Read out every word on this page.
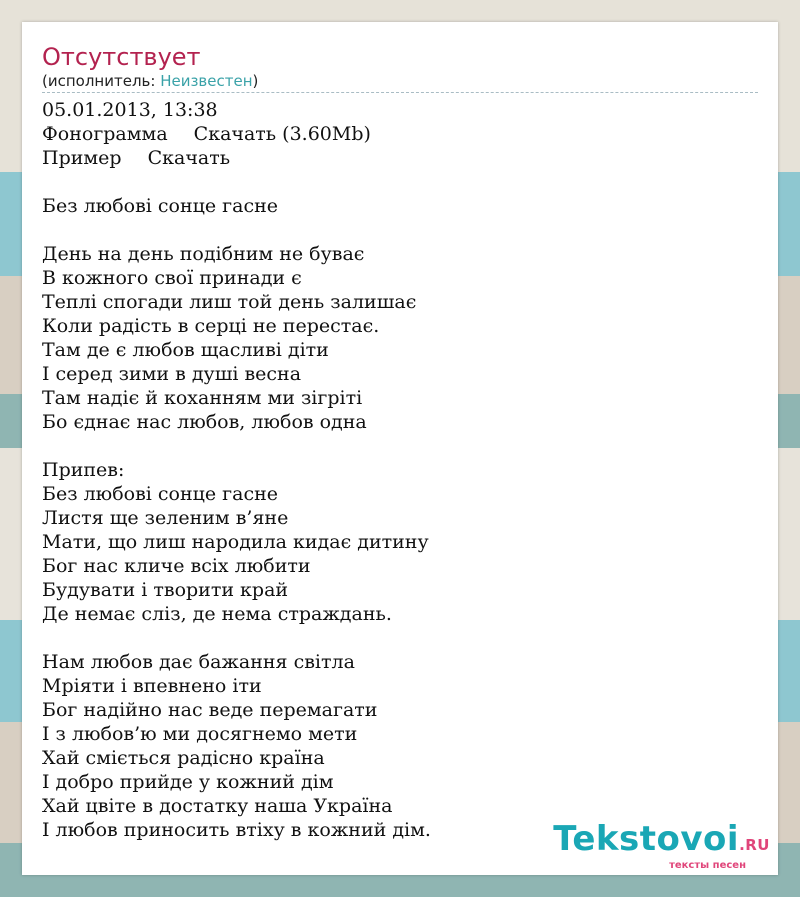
Отсутствует
(исполнитель: Неизвестен)
05.01.2013, 13:38
Фонограмма Скачать (3.60Mb)
Пример Скачать
Без любові сонце гасне
День на день подібним не буває
В кожного свої принади є
Теплі спогади лиш той день залишає
Коли радість в серці не перестає.
Там де є любов щасливі діти
І серед зими в душі весна
Там надіє й коханням ми зігріті
Бо єднає нас любов, любов одна
Припев:
Без любові сонце гасне
Листя ще зеленим в’яне
Мати, що лиш народила кидає дитину
Бог нас кличе всіх любити
Будувати і творити край
Де немає сліз, де нема страждань.
Нам любов дає бажання світла
Мріяти і впевнено іти
Бог надійно нас веде перемагати
І з любов’ю ми досягнемо мети
Хай сміється радісно країна
І добро прийде у кожний дім
Хай цвіте в достатку наша Україна
І любов приносить втіху в кожний дім.	Tekstovoi.RU
тексты песен
